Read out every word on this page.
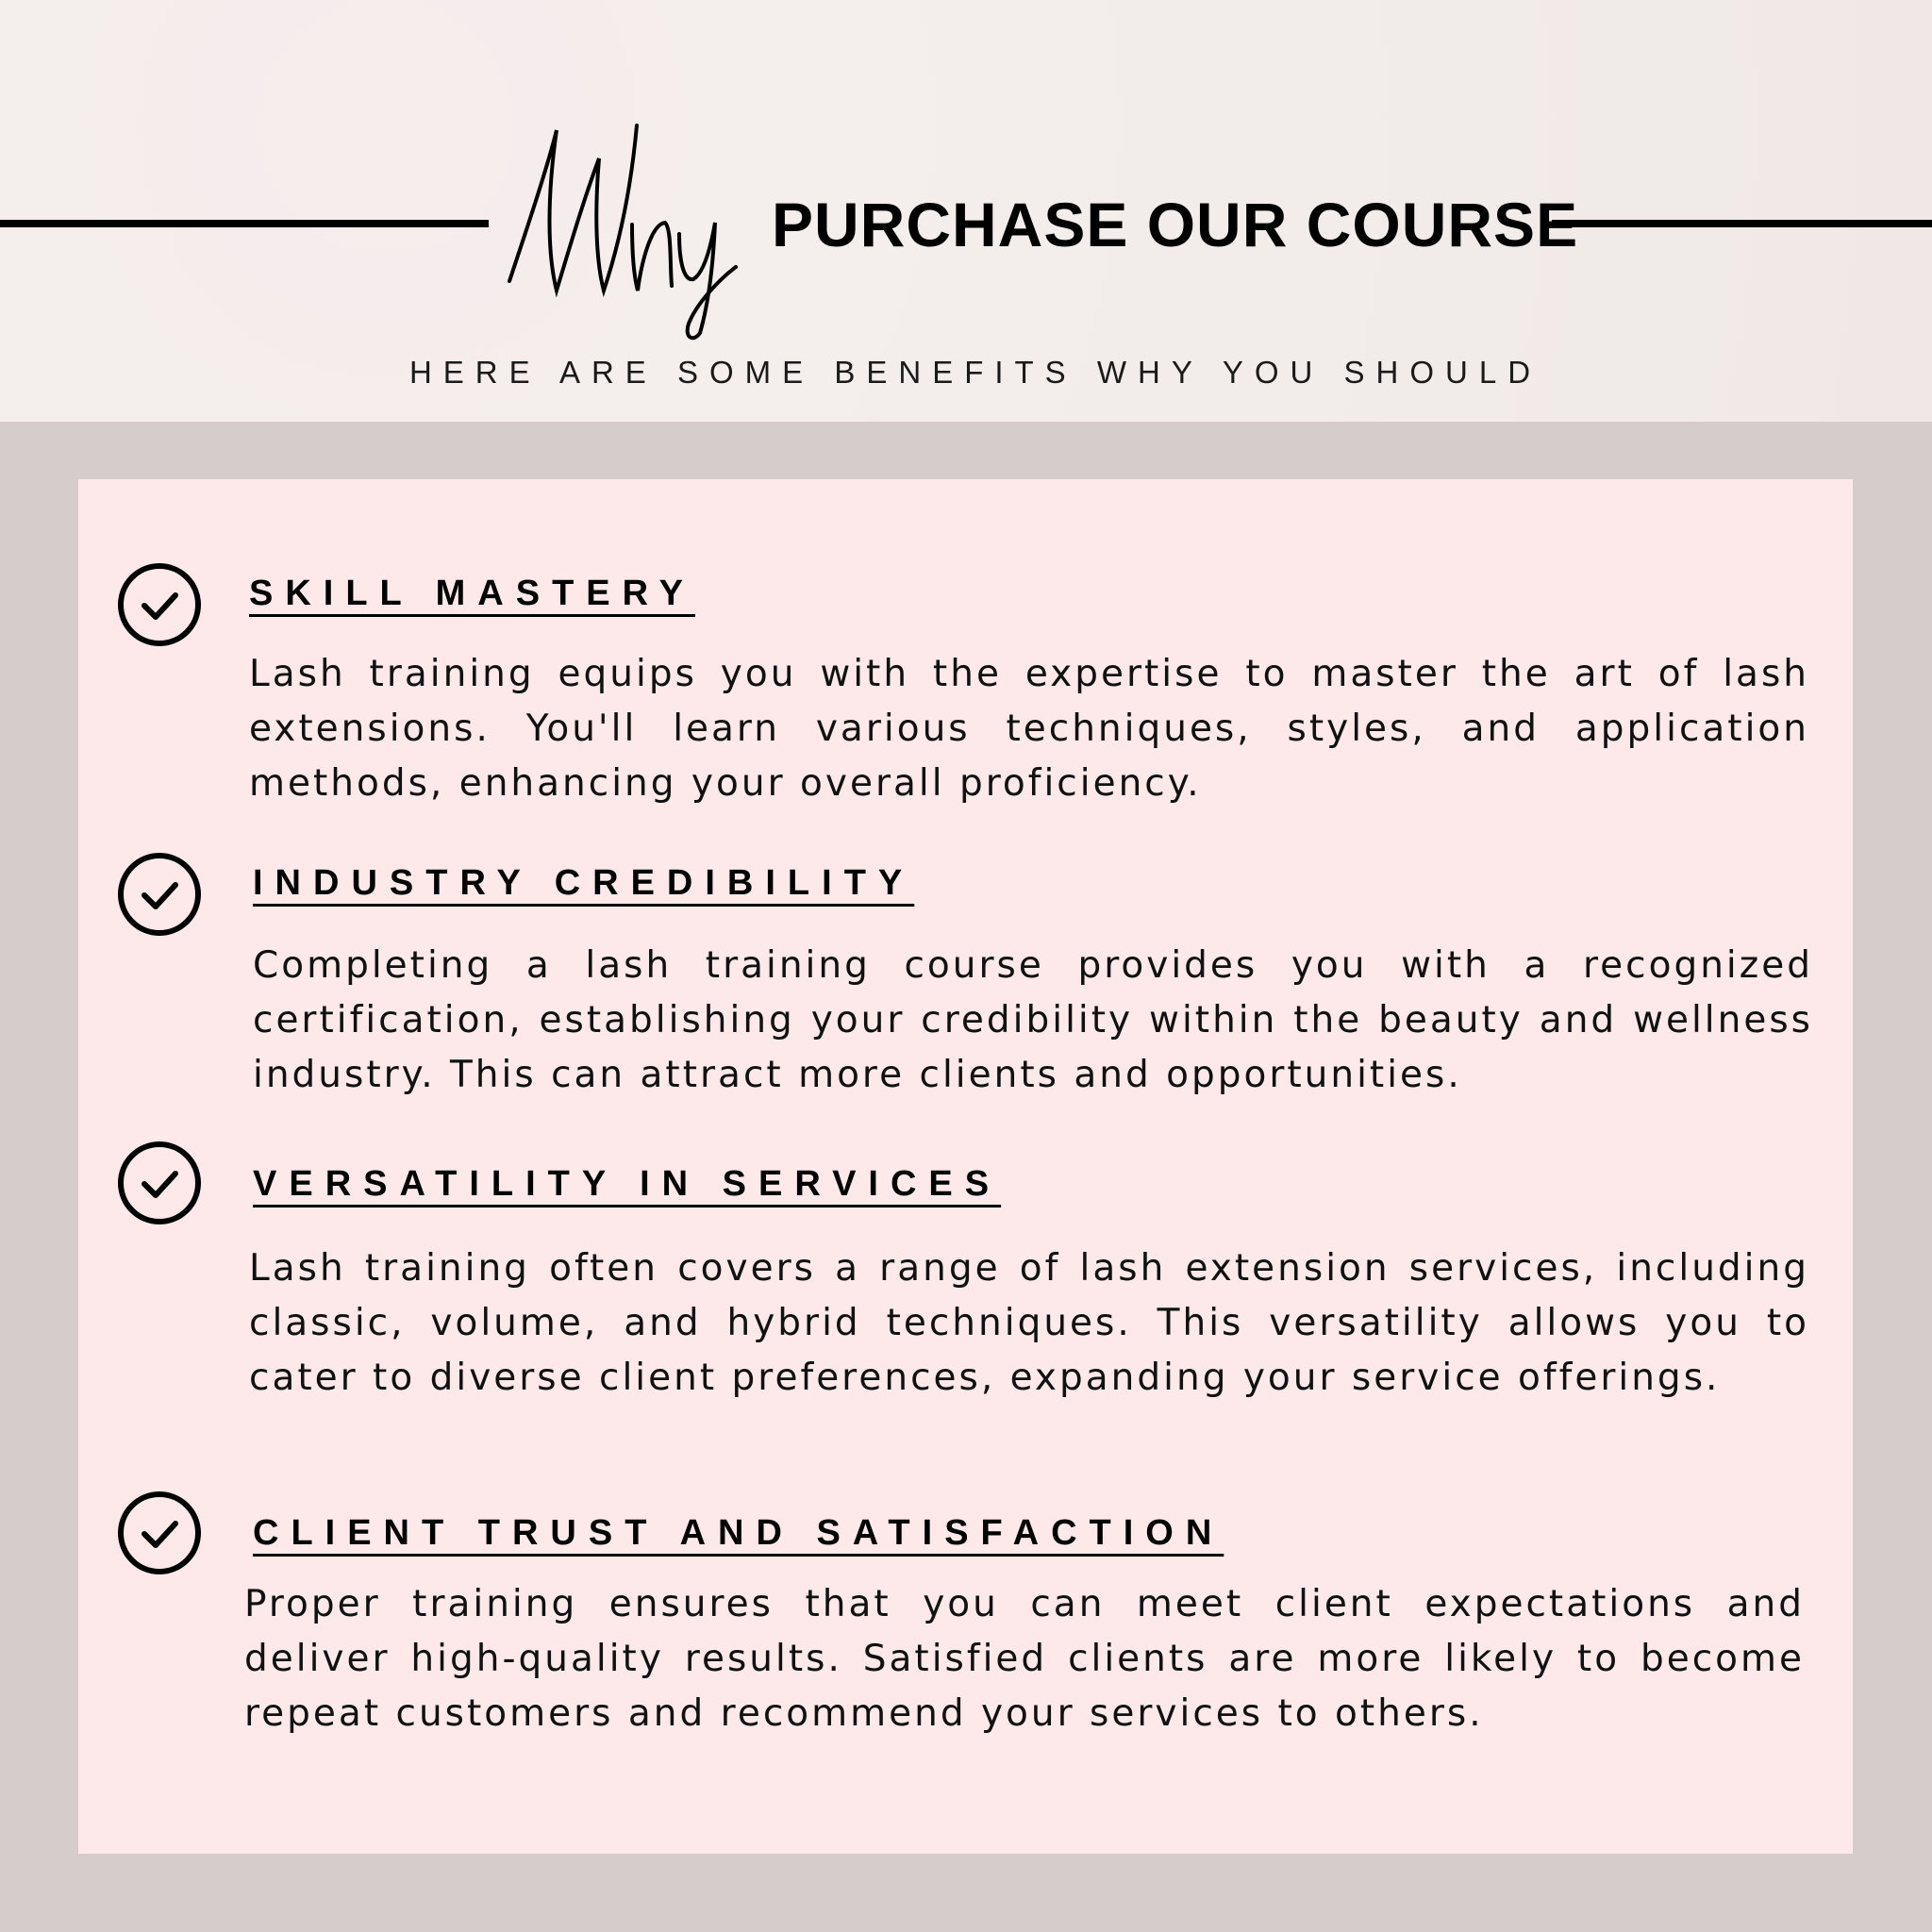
PURCHASE OUR COURSE
HERE ARE SOME BENEFITS WHY YOU SHOULD
SKILL MASTERY
Lash training equips you with the expertise to master the art of lash extensions. You'll learn various techniques, styles, and application methods, enhancing your overall proficiency.
INDUSTRY CREDIBILITY
Completing a lash training course provides you with a recognized certification, establishing your credibility within the beauty and wellness industry. This can attract more clients and opportunities.
VERSATILITY IN SERVICES
Lash training often covers a range of lash extension services, including classic, volume, and hybrid techniques. This versatility allows you to cater to diverse client preferences, expanding your service offerings.
CLIENT TRUST AND SATISFACTION
Proper training ensures that you can meet client expectations and deliver high-quality results. Satisfied clients are more likely to become repeat customers and recommend your services to others.
